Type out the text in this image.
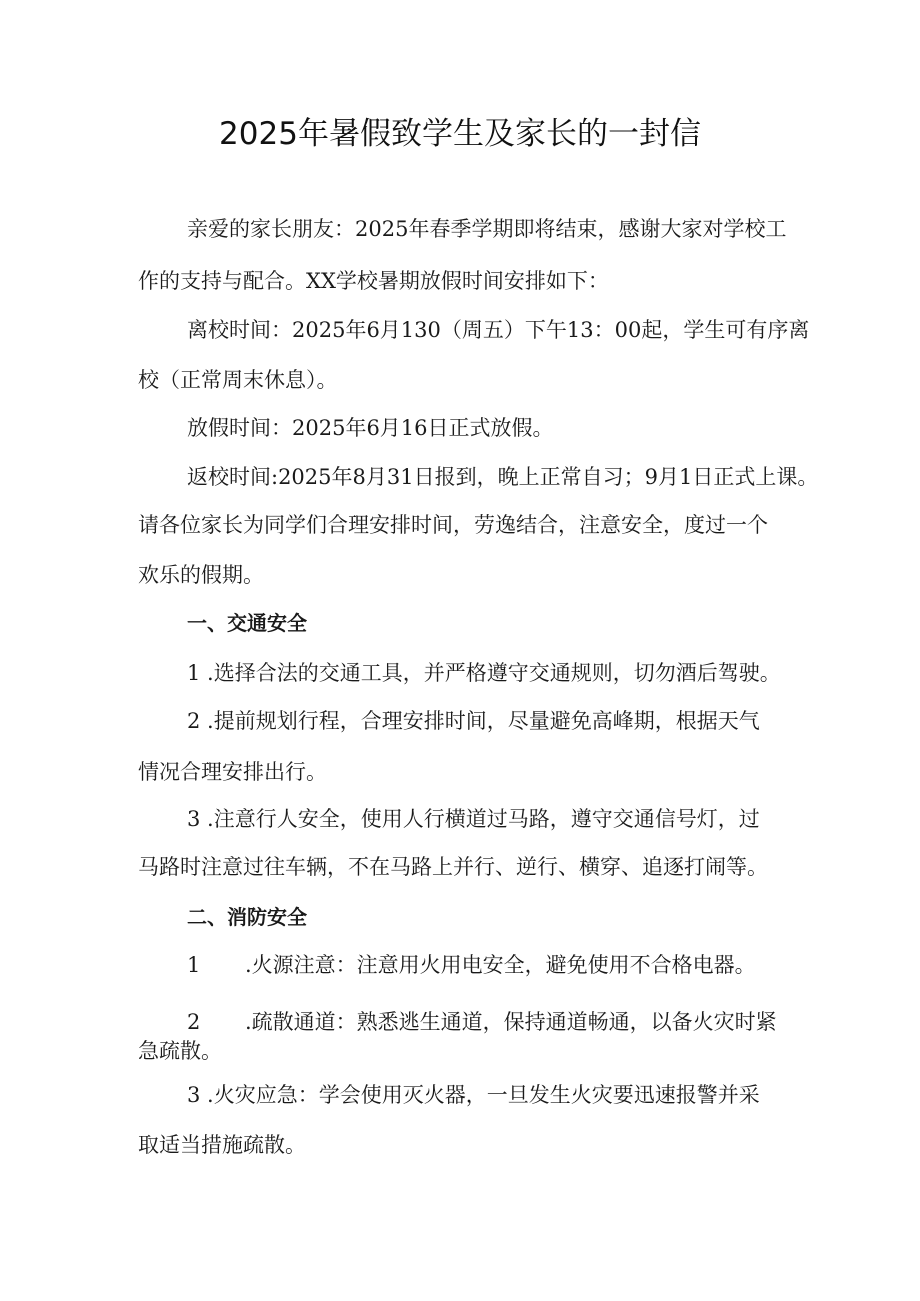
2025年暑假致学生及家长的一封信

亲爱的家长朋友：2025年春季学期即将结束，感谢大家对学校工

作的支持与配合。XX学校暑期放假时间安排如下：

离校时间：2025年6月130（周五）下午13：00起，学生可有序离

校（正常周末休息）。

放假时间：2025年6月16日正式放假。

返校时间:2025年8月31日报到，晚上正常自习；9月1日正式上课。

请各位家长为同学们合理安排时间，劳逸结合，注意安全，度过一个

欢乐的假期。

一、交通安全

1 .选择合法的交通工具，并严格遵守交通规则，切勿酒后驾驶。

2 .提前规划行程，合理安排时间，尽量避免高峰期，根据天气

情况合理安排出行。

3 .注意行人安全，使用人行横道过马路，遵守交通信号灯，过

马路时注意过往车辆，不在马路上并行、逆行、横穿、追逐打闹等。

二、消防安全

1 .火源注意：注意用火用电安全，避免使用不合格电器。

2 .疏散通道：熟悉逃生通道，保持通道畅通，以备火灾时紧

急疏散。

3 .火灾应急：学会使用灭火器，一旦发生火灾要迅速报警并采

取适当措施疏散。
